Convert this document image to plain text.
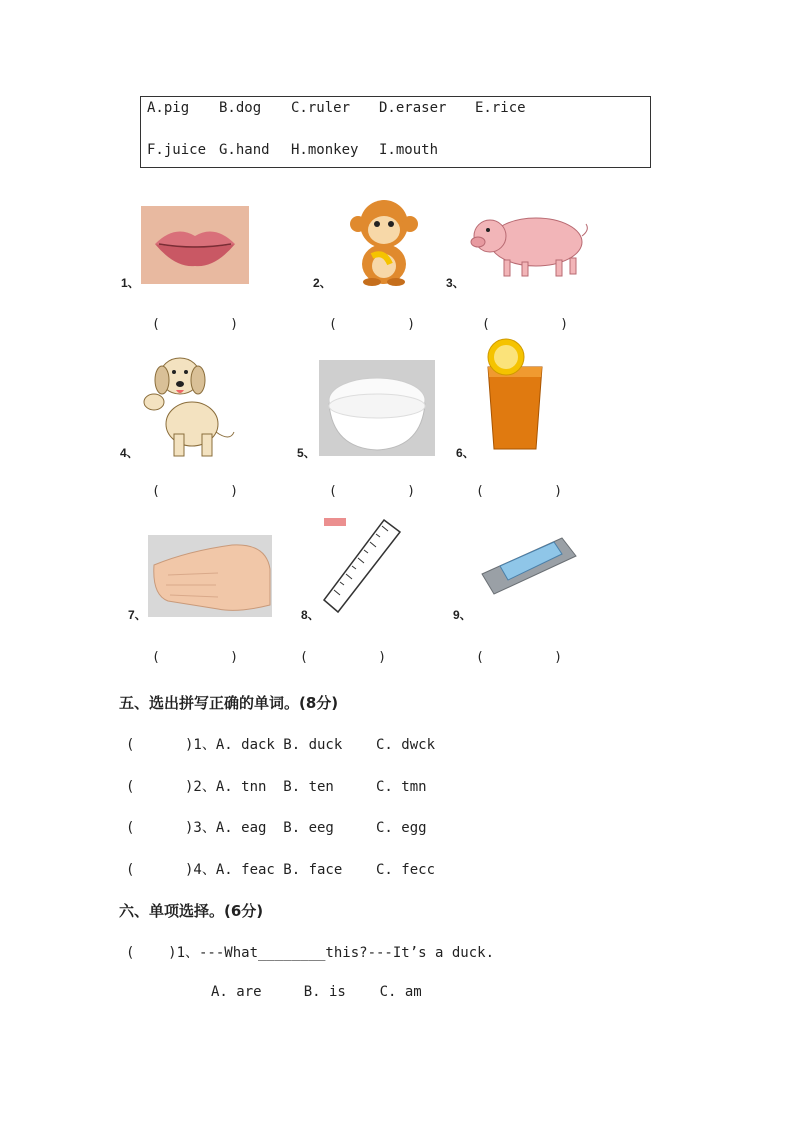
A.pig B.dog C.ruler D.eraser E.rice
F.juice G.hand H.monkey I.mouth
1、	2、	3、
(         )	(         )	(         )
4、	5、	6、
(         )	(         )	(         )
7、	8、	9、
(         )	(         )	(         )
五、选出拼写正确的单词。(8分)
(      )1、A. dack B. duck    C. dwck
(      )2、A. tnn  B. ten     C. tmn
(      )3、A. eag  B. eeg     C. egg
(      )4、A. feac B. face    C. fecc
六、单项选择。(6分)
(    )1、---What________this?---It’s a duck.
A. are     B. is    C. am
